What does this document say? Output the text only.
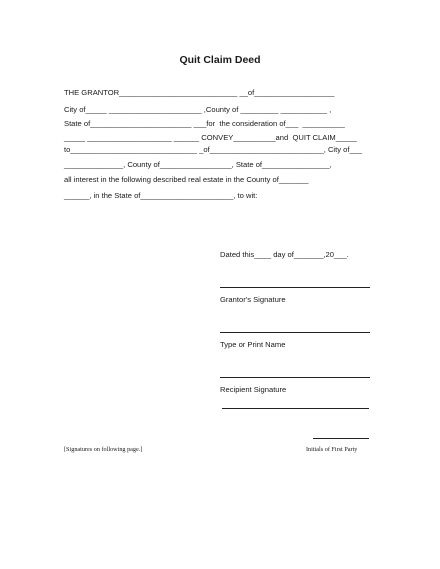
Quit Claim Deed
THE GRANTOR____________________________ __of___________________
City of_____ ______________________ ,County of _________ ___________ ,
State of________________________ ___for  the consideration of___  __________
_____ ____________________ ______ CONVEY__________and  QUIT CLAIM_____
to______________________________ _of___________________________, City of___
______________, County of_________________, State of________________,
all interest in the following described real estate in the County of_______
______, in the State of______________________, to wit:
Dated this____ day of_______,20___.
Grantor's Signature
Type or Print Name
Recipient Signature
[Signatures on following page.]	Initials of First Party
